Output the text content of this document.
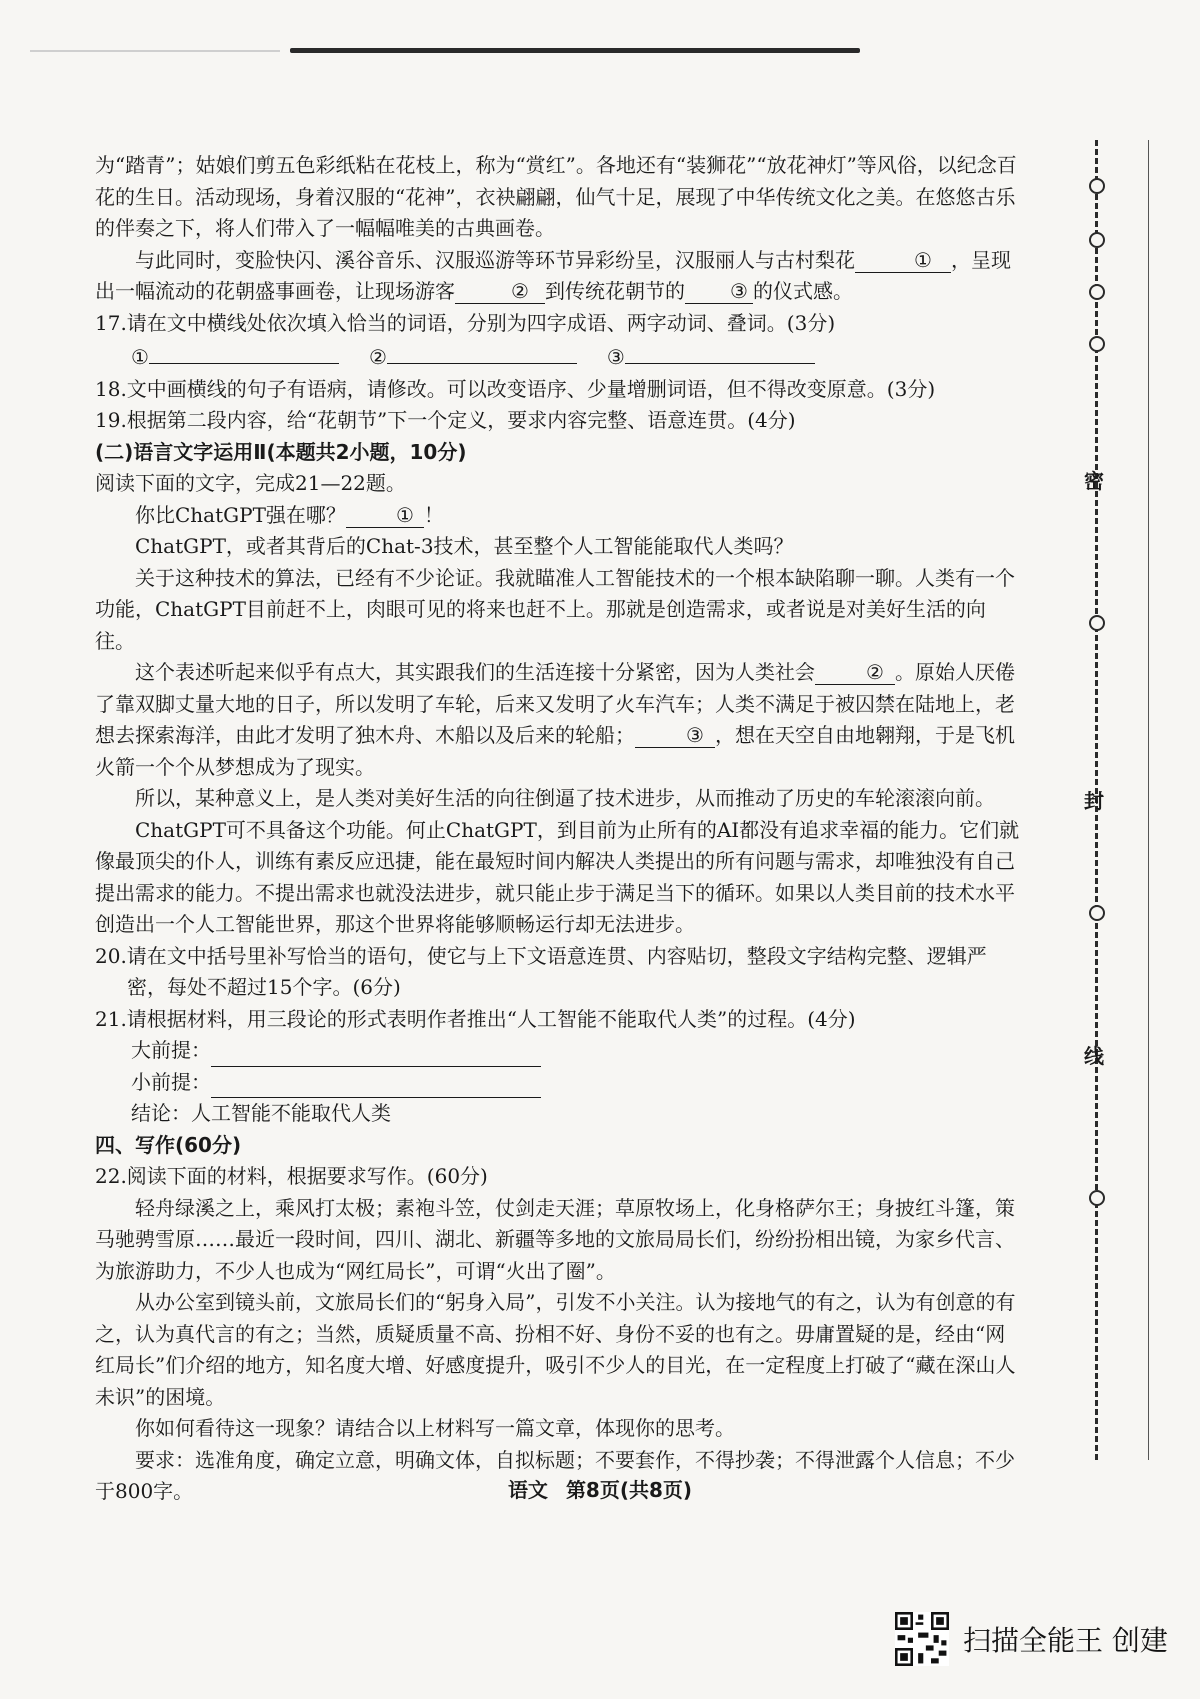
为“踏青”；姑娘们剪五色彩纸粘在花枝上，称为“赏红”。各地还有“装狮花”“放花神灯”等风俗，以纪念百花的生日。活动现场，身着汉服的“花神”，衣袂翩翩，仙气十足，展现了中华传统文化之美。在悠悠古乐的伴奏之下，将人们带入了一幅幅唯美的古典画卷。

与此同时，变脸快闪、溪谷音乐、汉服巡游等环节异彩纷呈，汉服丽人与古村梨花	① ，呈现出一幅流动的花朝盛事画卷，让现场游客	② 到传统花朝节的 ③ 的仪式感。

17.请在文中横线处依次填入恰当的词语，分别为四字成语、两字动词、叠词。(3分)

①	②	③

18.文中画横线的句子有语病，请修改。可以改变语序、少量增删词语，但不得改变原意。(3分)

19.根据第二段内容，给“花朝节”下一个定义，要求内容完整、语意连贯。(4分)

(二)语言文字运用Ⅱ(本题共2小题，10分)

阅读下面的文字，完成21—22题。

你比ChatGPT强在哪？	① ！

ChatGPT，或者其背后的Chat-3技术，甚至整个人工智能能取代人类吗？

关于这种技术的算法，已经有不少论证。我就瞄准人工智能技术的一个根本缺陷聊一聊。人类有一个功能，ChatGPT目前赶不上，肉眼可见的将来也赶不上。那就是创造需求，或者说是对美好生活的向往。

这个表述听起来似乎有点大，其实跟我们的生活连接十分紧密，因为人类社会	② 。原始人厌倦了靠双脚丈量大地的日子，所以发明了车轮，后来又发明了火车汽车；人类不满足于被囚禁在陆地上，老想去探索海洋，由此才发明了独木舟、木船以及后来的轮船；	③ ，想在天空自由地翱翔，于是飞机火箭一个个从梦想成为了现实。

所以，某种意义上，是人类对美好生活的向往倒逼了技术进步，从而推动了历史的车轮滚滚向前。

ChatGPT可不具备这个功能。何止ChatGPT，到目前为止所有的AI都没有追求幸福的能力。它们就像最顶尖的仆人，训练有素反应迅捷，能在最短时间内解决人类提出的所有问题与需求，却唯独没有自己提出需求的能力。不提出需求也就没法进步，就只能止步于满足当下的循环。如果以人类目前的技术水平创造出一个人工智能世界，那这个世界将能够顺畅运行却无法进步。

20.请在文中括号里补写恰当的语句，使它与上下文语意连贯、内容贴切，整段文字结构完整、逻辑严密，每处不超过15个字。(6分)

21.请根据材料，用三段论的形式表明作者推出“人工智能不能取代人类”的过程。(4分)

大前提：

小前提：

结论：人工智能不能取代人类

四、写作(60分)

22.阅读下面的材料，根据要求写作。(60分)

轻舟绿溪之上，乘风打太极；素袍斗笠，仗剑走天涯；草原牧场上，化身格萨尔王；身披红斗篷，策马驰骋雪原……最近一段时间，四川、湖北、新疆等多地的文旅局局长们，纷纷扮相出镜，为家乡代言、为旅游助力，不少人也成为“网红局长”，可谓“火出了圈”。

从办公室到镜头前，文旅局长们的“躬身入局”，引发不小关注。认为接地气的有之，认为有创意的有之，认为真代言的有之；当然，质疑质量不高、扮相不好、身份不妥的也有之。毋庸置疑的是，经由“网红局长”们介绍的地方，知名度大增、好感度提升，吸引不少人的目光，在一定程度上打破了“藏在深山人未识”的困境。

你如何看待这一现象？请结合以上材料写一篇文章，体现你的思考。

要求：选准角度，确定立意，明确文体，自拟标题；不要套作，不得抄袭；不得泄露个人信息；不少于800字。	语文 第8页(共8页)
密
封
线
扫描全能王 创建
